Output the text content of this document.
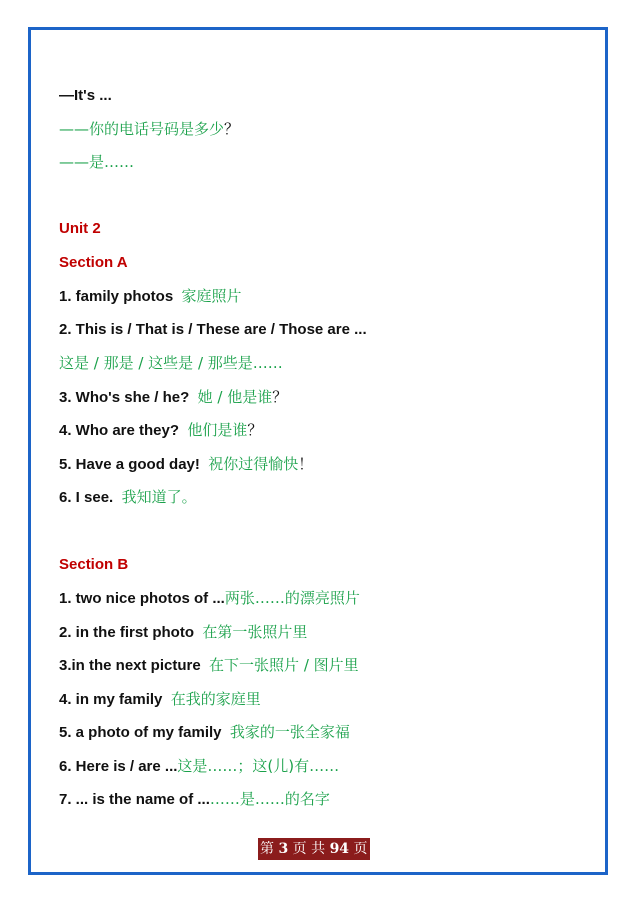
—It's ...
——你的电话号码是多少？
——是……
Unit 2
Section A
1. family photos 家庭照片
2. This is / That is / These are / Those are ...
这是 / 那是 / 这些是 / 那些是……
3. Who's she / he? 她 / 他是谁？
4. Who are they? 他们是谁？
5. Have a good day! 祝你过得愉快！
6. I see. 我知道了。
Section B
1. two nice photos of ...两张……的漂亮照片
2. in the first photo 在第一张照片里
3.in the next picture 在下一张照片 / 图片里
4. in my family 在我的家庭里
5. a photo of my family 我家的一张全家福
6. Here is / are ...这是……；这(儿)有……
7. ... is the name of ...……是……的名字
第 3 页 共 94 页
